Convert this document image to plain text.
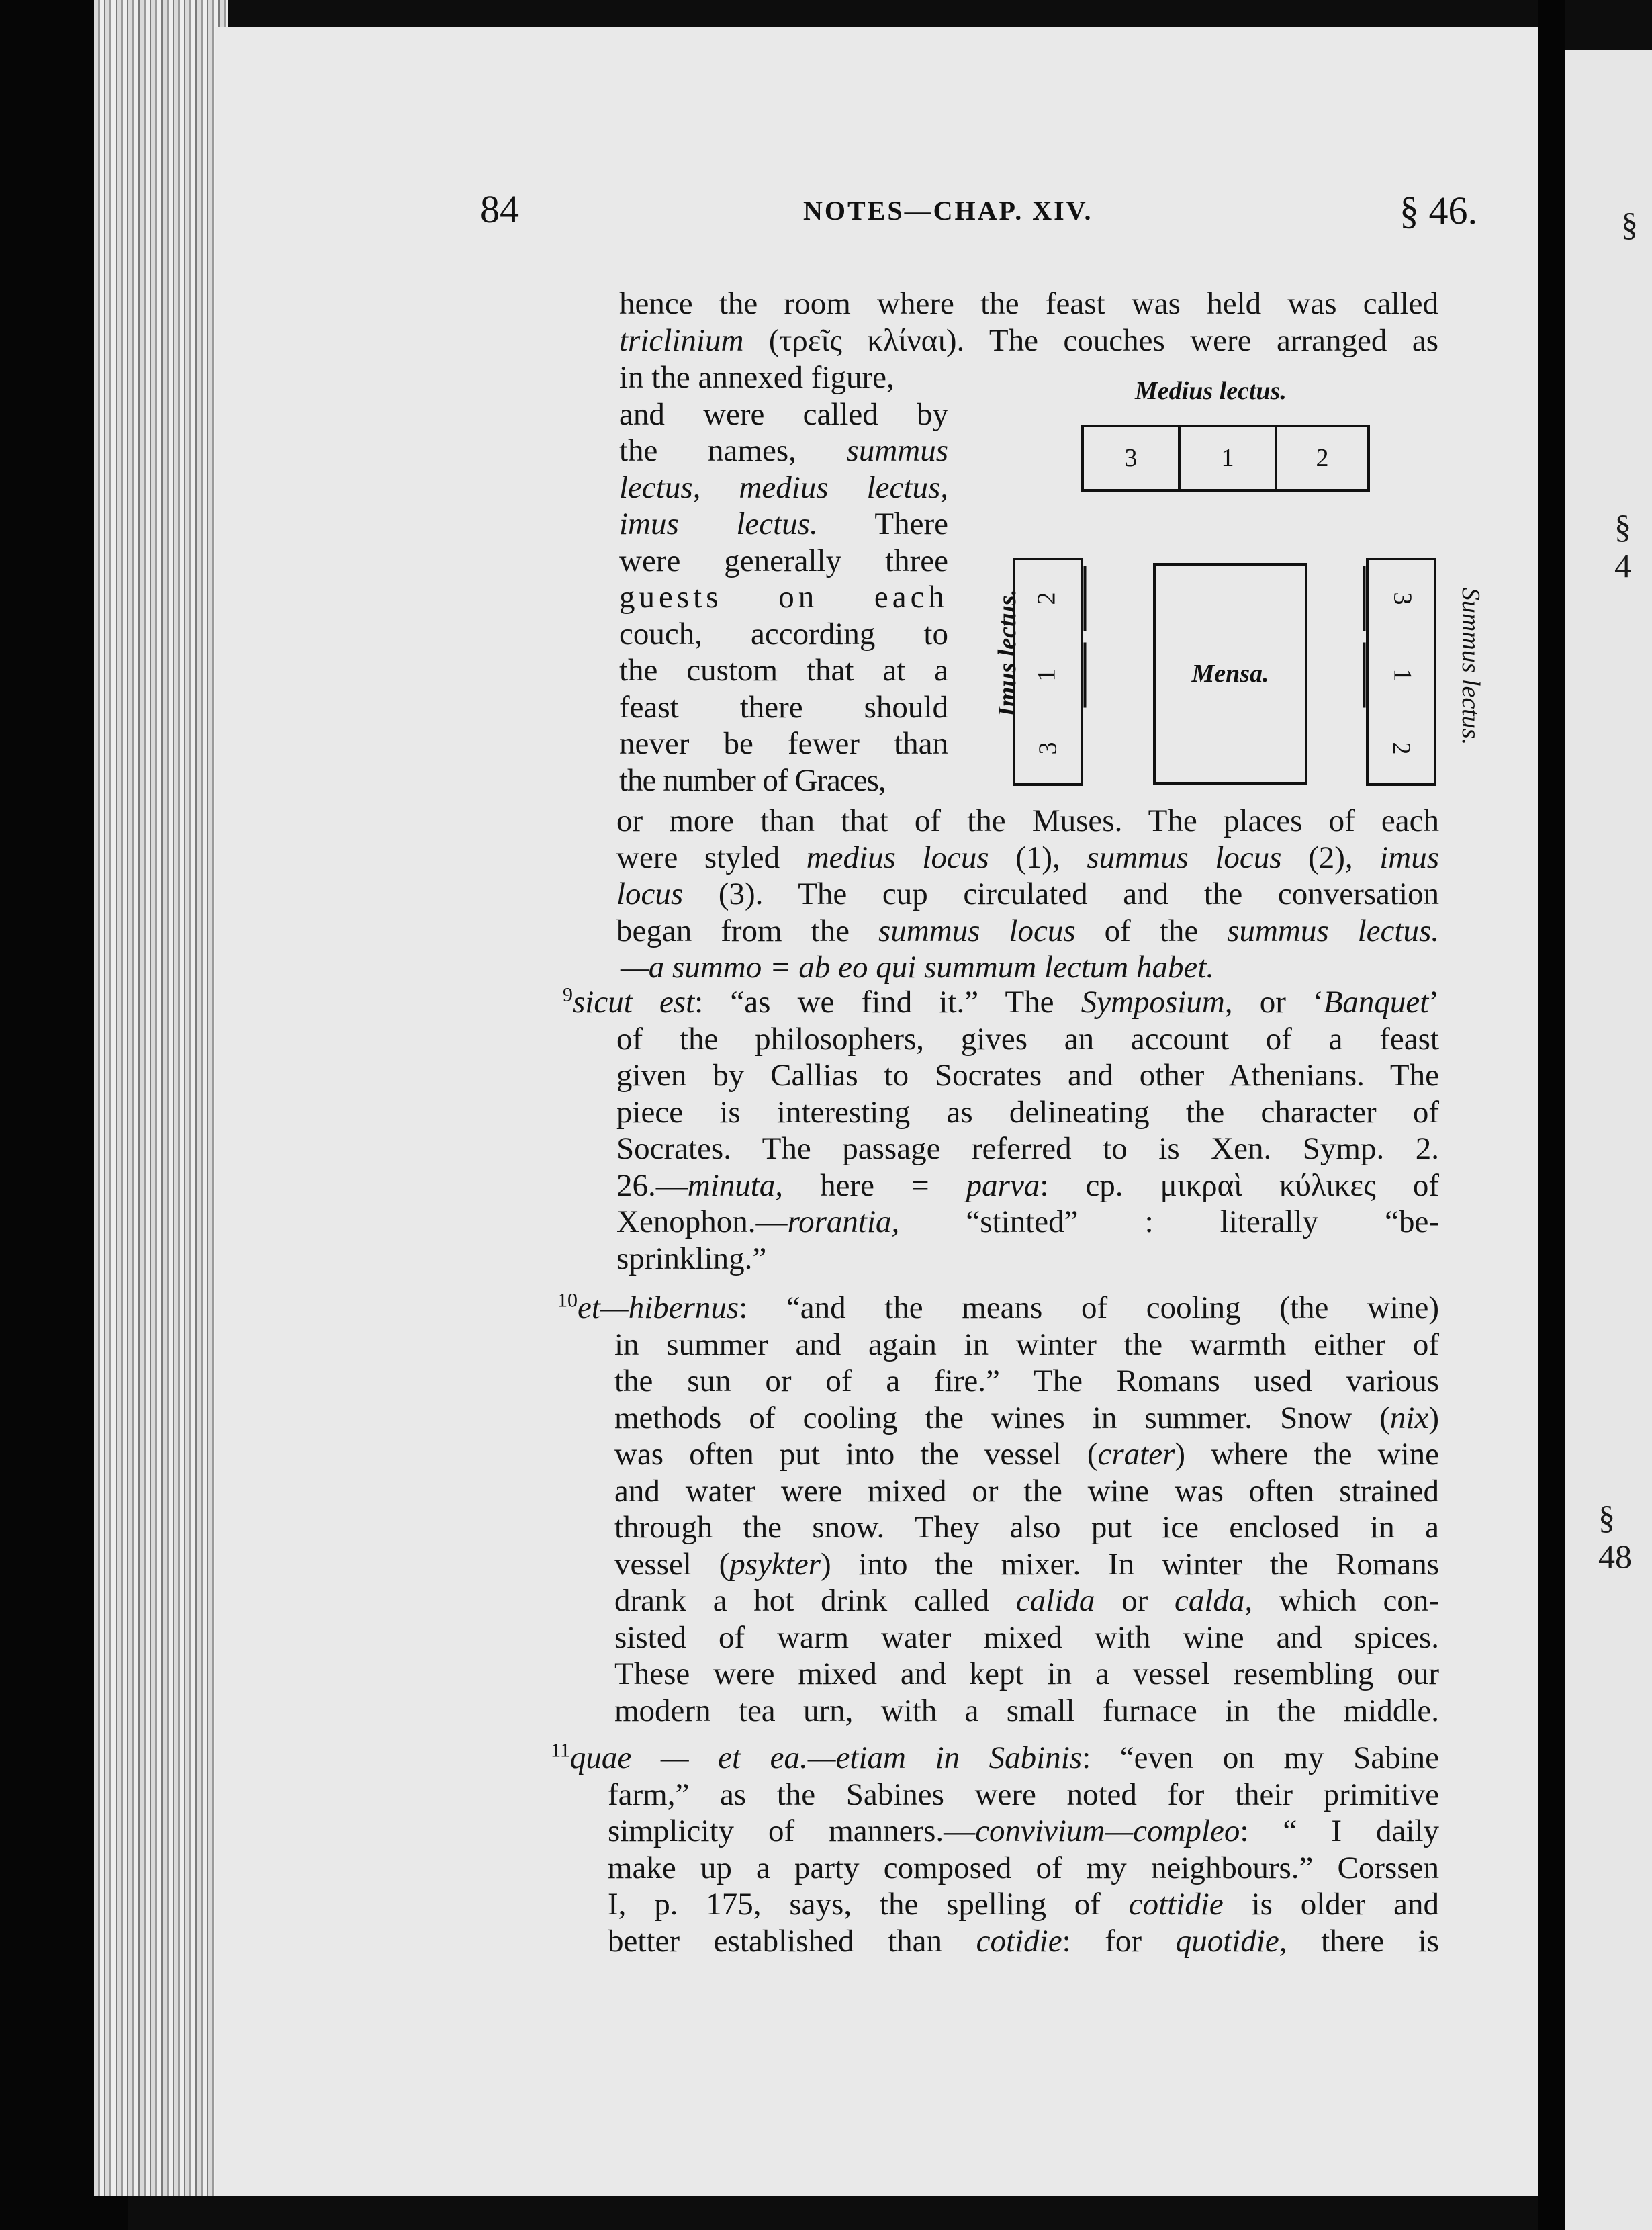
§
§ 4
§ 48
84	NOTES—CHAP. XIV.	§ 46.
hence the room where the feast was held was called
triclinium (τρεῖς κλίναι). The couches were arranged as
in the annexed figure,
and were called by
the names, summus
lectus, medius lectus,
imus lectus. There
were generally three
guests on each
couch, according to
the custom that at a
feast there should
never be fewer than
the number of Graces,
Medius lectus.
3	1	2
Imus lectus. 2
1
3
Mensa.
3
1
2
Summus lectus.
or more than that of the Muses. The places of each
were styled medius locus (1), summus locus (2), imus
locus (3). The cup circulated and the conversation
began from the summus locus of the summus lectus.
—a summo = ab eo qui summum lectum habet.
$^9$sicut est: “as we find it.” The Symposium, or ‘Banquet’
of the philosophers, gives an account of a feast
given by Callias to Socrates and other Athenians. The
piece is interesting as delineating the character of
Socrates. The passage referred to is Xen. Symp. 2.
26.—minuta, here = parva: cp. μικραὶ κύλικες of
Xenophon.—rorantia, “stinted” : literally “be-
sprinkling.”
$^{10}$et—hibernus: “and the means of cooling (the wine)
in summer and again in winter the warmth either of
the sun or of a fire.” The Romans used various
methods of cooling the wines in summer. Snow (nix)
was often put into the vessel (crater) where the wine
and water were mixed or the wine was often strained
through the snow. They also put ice enclosed in a
vessel (psykter) into the mixer. In winter the Romans
drank a hot drink called calida or calda, which con-
sisted of warm water mixed with wine and spices.
These were mixed and kept in a vessel resembling our
modern tea urn, with a small furnace in the middle.
$^{11}$quae — et ea.—etiam in Sabinis: “even on my Sabine
farm,” as the Sabines were noted for their primitive
simplicity of manners.—convivium—compleo: “ I daily
make up a party composed of my neighbours.” Corssen
I, p. 175, says, the spelling of cottidie is older and
better established than cotidie: for quotidie, there is
